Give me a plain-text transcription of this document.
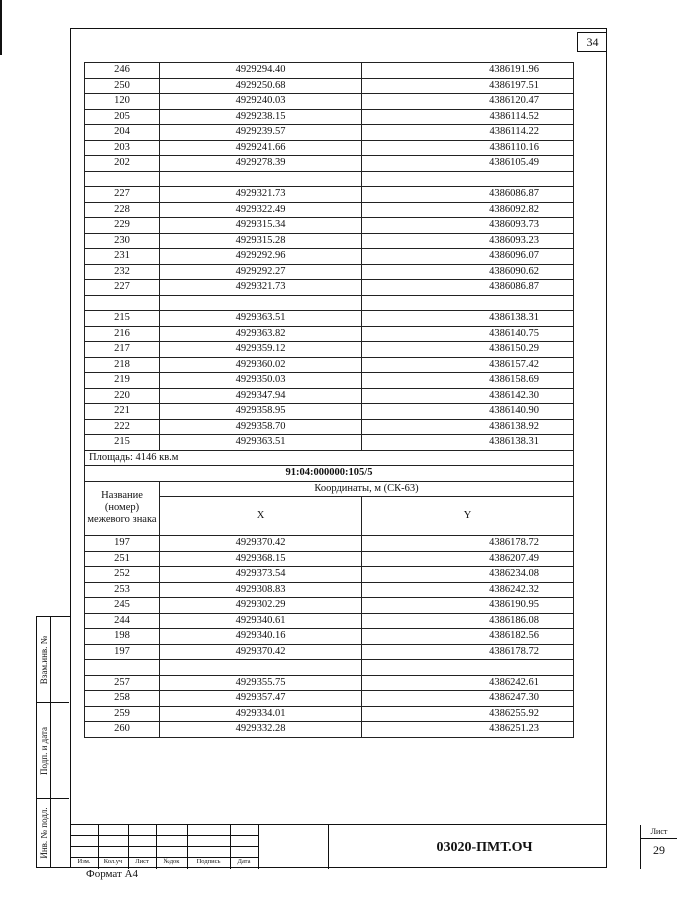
34
246	4929294.40	4386191.96
250	4929250.68	4386197.51
120	4929240.03	4386120.47
205	4929238.15	4386114.52
204	4929239.57	4386114.22
203	4929241.66	4386110.16
202	4929278.39	4386105.49

227	4929321.73	4386086.87
228	4929322.49	4386092.82
229	4929315.34	4386093.73
230	4929315.28	4386093.23
231	4929292.96	4386096.07
232	4929292.27	4386090.62
227	4929321.73	4386086.87

215	4929363.51	4386138.31
216	4929363.82	4386140.75
217	4929359.12	4386150.29
218	4929360.02	4386157.42
219	4929350.03	4386158.69
220	4929347.94	4386142.30
221	4929358.95	4386140.90
222	4929358.70	4386138.92
215	4929363.51	4386138.31
Площадь: 4146 кв.м		
91:04:000000:105/5		
Название (номер) межевого знака	Координаты, м (СК-63)	
	X	Y
197	4929370.42	4386178.72
251	4929368.15	4386207.49
252	4929373.54	4386234.08
253	4929308.83	4386242.32
245	4929302.29	4386190.95
244	4929340.61	4386186.08
198	4929340.16	4386182.56
197	4929370.42	4386178.72

257	4929355.75	4386242.61
258	4929357.47	4386247.30
259	4929334.01	4386255.92
260	4929332.28	4386251.23
Взам.инв. №
Подп. и дата
Инв. № подл.
Изм.	Кол.уч	Лист	№док	Подпись	Дата
03020-ПМТ.ОЧ
Лист
29
Формат А4
